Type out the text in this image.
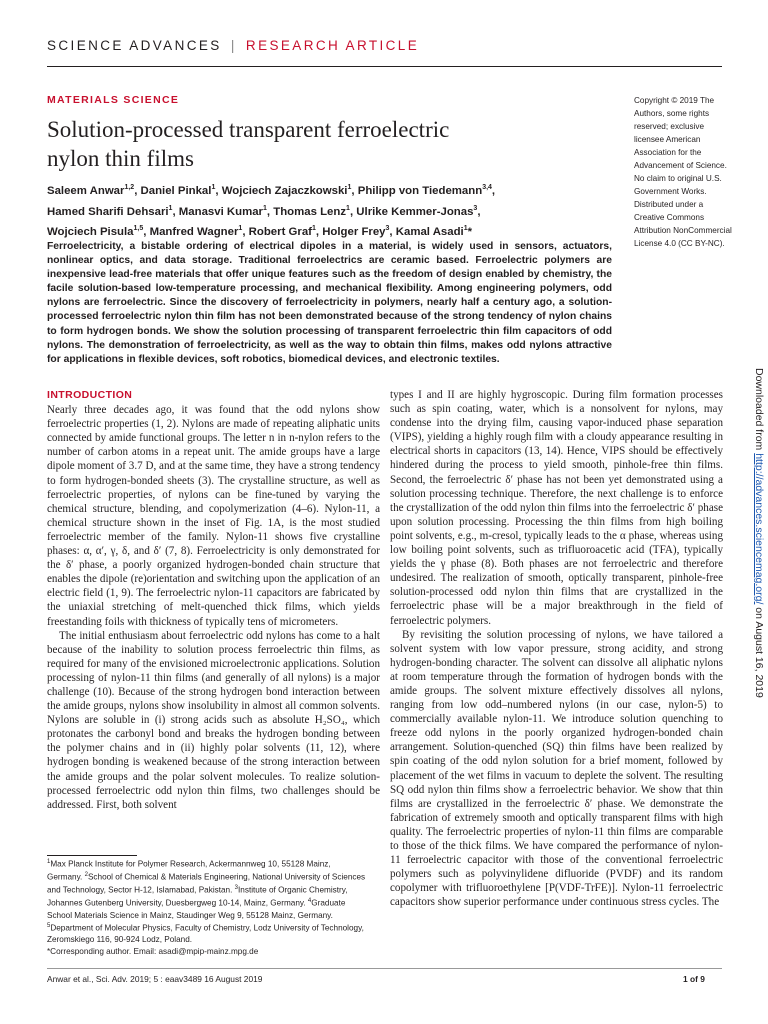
SCIENCE ADVANCES | RESEARCH ARTICLE
MATERIALS SCIENCE
Solution-processed transparent ferroelectric
nylon thin films
Saleem Anwar$^{1,2}$, Daniel Pinkal$^1$, Wojciech Zajaczkowski$^1$, Philipp von Tiedemann$^{3,4}$,
Hamed Sharifi Dehsari$^1$, Manasvi Kumar$^1$, Thomas Lenz$^1$, Ulrike Kemmer-Jonas$^3$,
Wojciech Pisula$^{1,5}$, Manfred Wagner$^1$, Robert Graf$^1$, Holger Frey$^3$, Kamal Asadi$^1$*
Copyright © 2019 The Authors, some rights reserved; exclusive licensee American Association for the Advancement of Science. No claim to original U.S. Government Works. Distributed under a Creative Commons Attribution NonCommercial License 4.0 (CC BY-NC).
Ferroelectricity, a bistable ordering of electrical dipoles in a material, is widely used in sensors, actuators, nonlinear optics, and data storage. Traditional ferroelectrics are ceramic based. Ferroelectric polymers are inexpensive lead-free materials that offer unique features such as the freedom of design enabled by chemistry, the facile solution-based low-temperature processing, and mechanical flexibility. Among engineering polymers, odd nylons are ferroelectric. Since the discovery of ferroelectricity in polymers, nearly half a century ago, a solution-processed ferroelectric nylon thin film has not been demonstrated because of the strong tendency of nylon chains to form hydrogen bonds. We show the solution processing of transparent ferroelectric thin film capacitors of odd nylons. The demonstration of ferroelectricity, as well as the way to obtain thin films, makes odd nylons attractive for applications in flexible devices, soft robotics, biomedical devices, and electronic textiles.
INTRODUCTION

Nearly three decades ago, it was found that the odd nylons show ferroelectric properties (1, 2). Nylons are made of repeating aliphatic units connected by amide functional groups. The letter n in n-nylon refers to the number of carbon atoms in a repeat unit. The amide groups have a large dipole moment of 3.7 D, and at the same time, they have a strong tendency to form hydrogen-bonded sheets (3). The crystalline structure, as well as ferroelectric properties, of nylons can be fine-tuned by varying the chemical structure, blending, and copolymerization (4–6). Nylon-11, a chemical structure shown in the inset of Fig. 1A, is the most studied ferroelectric member of the family. Nylon-11 shows five crystalline phases: α, α′, γ, δ, and δ′ (7, 8). Ferroelectricity is only demonstrated for the δ′ phase, a poorly organized hydrogen-bonded chain structure that enables the dipole (re)orientation and switching upon the application of an electric field (1, 9). The ferroelectric nylon-11 capacitors are fabricated by the uniaxial stretching of melt-quenched thick films, which yields freestanding foils with thickness of typically tens of micrometers.

The initial enthusiasm about ferroelectric odd nylons has come to a halt because of the inability to solution process ferroelectric thin films, as required for many of the envisioned microelectronic applications. Solution processing of nylon-11 thin films (and generally of all nylons) is a major challenge (10). Because of the strong hydrogen bond interaction between the amide groups, nylons show insolubility in almost all common solvents. Nylons are soluble in (i) strong acids such as absolute H₂SO₄, which protonates the carbonyl bond and breaks the hydrogen bonding between the polymer chains and in (ii) highly polar solvents (11, 12), where hydrogen bonding is weakened because of the strong interaction between the amide groups and the polar solvent molecules. To realize solution-processed ferroelectric odd nylon thin films, two challenges should be addressed. First, both solvent

types I and II are highly hygroscopic. During film formation processes such as spin coating, water, which is a nonsolvent for nylons, may condense into the drying film, causing vapor-induced phase separation (VIPS), yielding a highly rough film with a cloudy appearance resulting in electrical shorts in capacitors (13, 14). Hence, VIPS should be effectively hindered during the process to yield smooth, pinhole-free thin films. Second, the ferroelectric δ′ phase has not been yet demonstrated using a solution processing technique. Therefore, the next challenge is to enforce the crystallization of the odd nylon thin films into the ferroelectric δ′ phase upon solution processing. Processing the thin films from high boiling point solvents, e.g., m-cresol, typically leads to the α phase, whereas using low boiling point solvents, such as trifluoroacetic acid (TFA), typically yields the γ phase (8). Both phases are not ferroelectric and therefore undesired. The realization of smooth, optically transparent, pinhole-free solution-processed odd nylon thin films that are crystallized in the ferroelectric phase will be a major breakthrough in the field of ferroelectric polymers.

By revisiting the solution processing of nylons, we have tailored a solvent system with low vapor pressure, strong acidity, and strong hydrogen-bonding character. The solvent can dissolve all aliphatic nylons at room temperature through the formation of hydrogen bonds with the amide groups. The solvent mixture effectively dissolves all nylons, ranging from low odd–numbered nylons (in our case, nylon-5) to commercially available nylon-11. We introduce solution quenching to freeze odd nylons in the poorly organized hydrogen-bonded chain arrangement. Solution-quenched (SQ) thin films have been realized by spin coating of the odd nylon solution for a brief moment, followed by placement of the wet films in vacuum to deplete the solvent. The resulting SQ odd nylon thin films show a ferroelectric behavior. We show that thin films are crystallized in the ferroelectric δ′ phase. We demonstrate the fabrication of extremely smooth and optically transparent films with high quality. The ferroelectric properties of nylon-11 thin films are comparable to those of the thick films. We have compared the performance of nylon-11 ferroelectric capacitor with those of the conventional ferroelectric polymers such as polyvinylidene difluoride (PVDF) and its random copolymer with trifluoroethylene [P(VDF-TrFE)]. Nylon-11 ferroelectric capacitors show superior performance under continuous stress cycles. The

$^1$Max Planck Institute for Polymer Research, Ackermannweg 10, 55128 Mainz, Germany. $^2$School of Chemical & Materials Engineering, National University of Sciences and Technology, Sector H-12, Islamabad, Pakistan. $^3$Institute of Organic Chemistry, Johannes Gutenberg University, Duesbergweg 10-14, Mainz, Germany. $^4$Graduate School Materials Science in Mainz, Staudinger Weg 9, 55128 Mainz, Germany. $^5$Department of Molecular Physics, Faculty of Chemistry, Lodz University of Technology, Zeromskiego 116, 90-924 Lodz, Poland.
*Corresponding author. Email: asadi@mpip-mainz.mpg.de
Anwar et al., Sci. Adv. 2019; 5 : eaav3489 16 August 2019	1 of 9
Downloaded from http://advances.sciencemag.org/ on August 16, 2019
